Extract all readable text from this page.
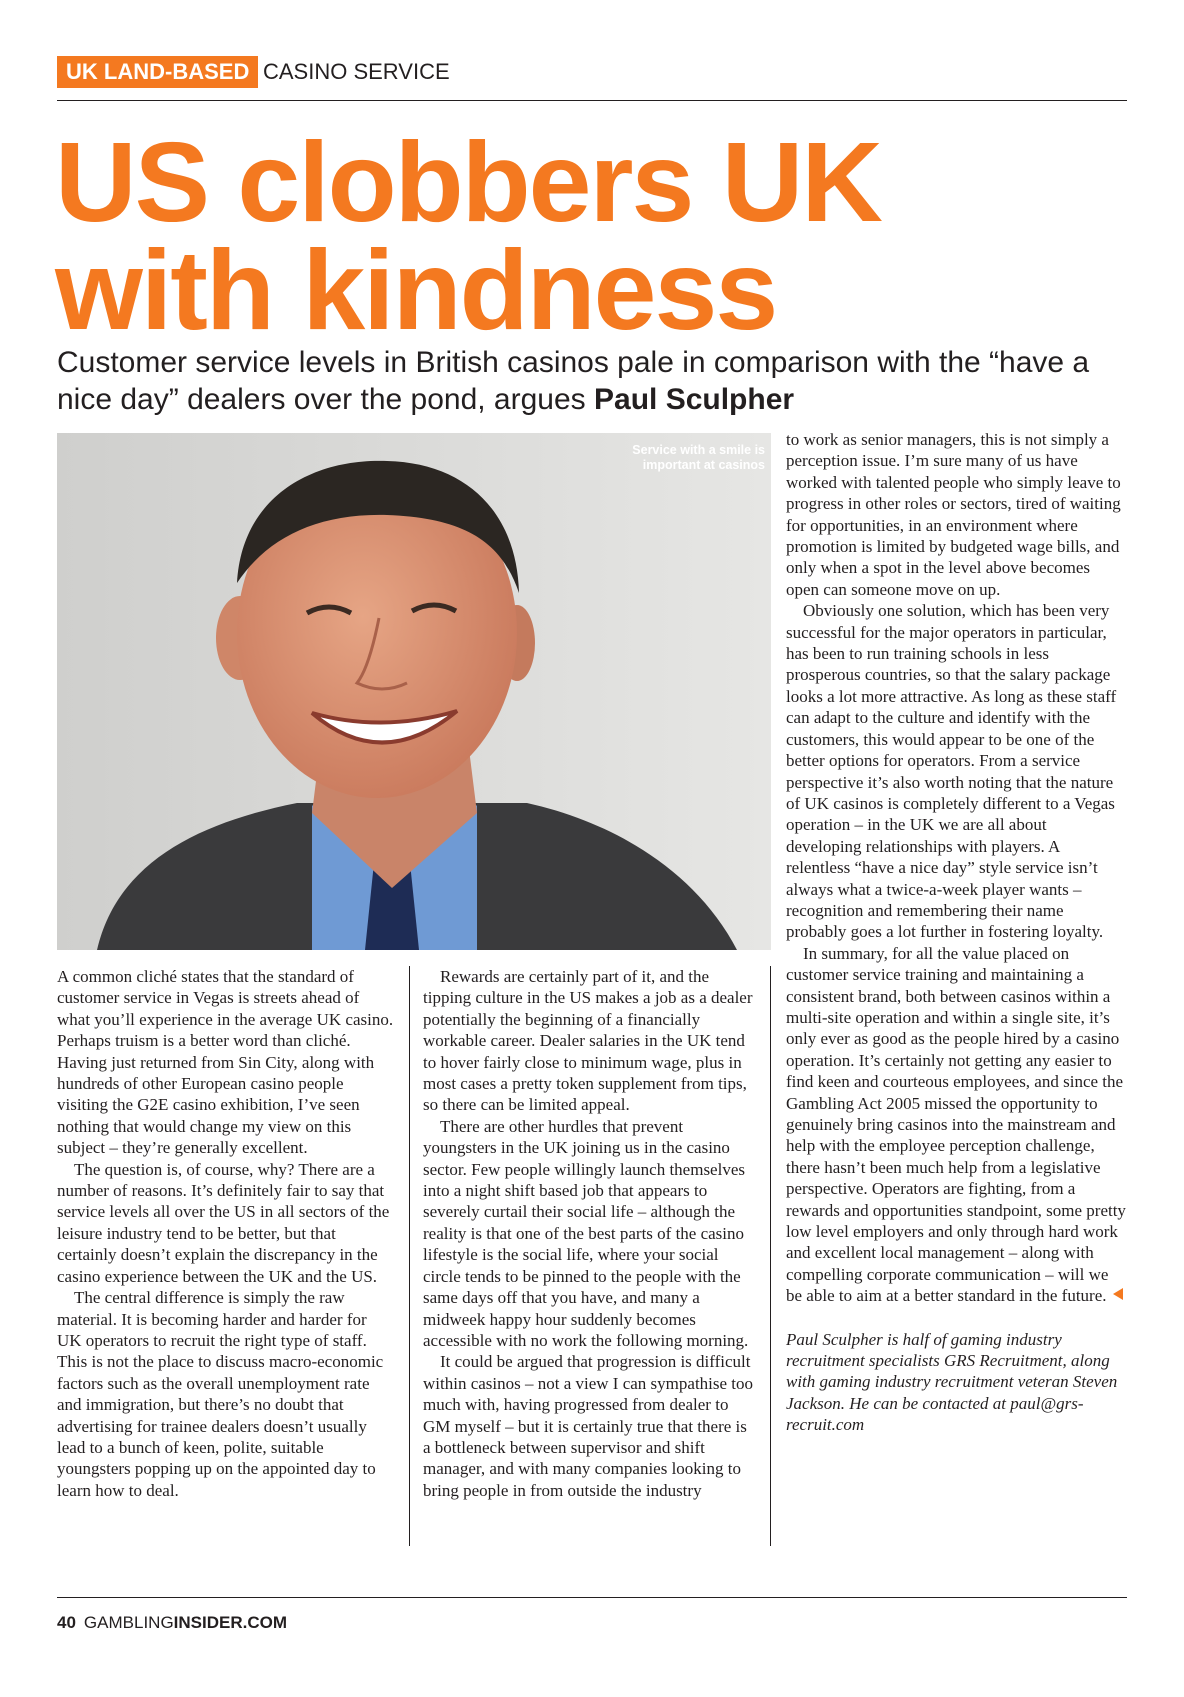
UK LAND-BASED CASINO SERVICE
US clobbers UK
with kindness

Customer service levels in British casinos pale in comparison with the “have a nice day” dealers over the pond, argues Paul Sculpher

Service with a smile is important at casinos

A common cliché states that the standard of customer service in Vegas is streets ahead of what you’ll experience in the average UK casino. Perhaps truism is a better word than cliché. Having just returned from Sin City, along with hundreds of other European casino people visiting the G2E casino exhibition, I’ve seen nothing that would change my view on this subject – they’re generally excellent.

The question is, of course, why? There are a number of reasons. It’s definitely fair to say that service levels all over the US in all sectors of the leisure industry tend to be better, but that certainly doesn’t explain the discrepancy in the casino experience between the UK and the US.

The central difference is simply the raw material. It is becoming harder and harder for UK operators to recruit the right type of staff. This is not the place to discuss macro-economic factors such as the overall unemployment rate and immigration, but there’s no doubt that advertising for trainee dealers doesn’t usually lead to a bunch of keen, polite, suitable youngsters popping up on the appointed day to learn how to deal.

Rewards are certainly part of it, and the tipping culture in the US makes a job as a dealer potentially the beginning of a financially workable career. Dealer salaries in the UK tend to hover fairly close to minimum wage, plus in most cases a pretty token supplement from tips, so there can be limited appeal.

There are other hurdles that prevent youngsters in the UK joining us in the casino sector. Few people willingly launch themselves into a night shift based job that appears to severely curtail their social life – although the reality is that one of the best parts of the casino lifestyle is the social life, where your social circle tends to be pinned to the people with the same days off that you have, and many a midweek happy hour suddenly becomes accessible with no work the following morning.

It could be argued that progression is difficult within casinos – not a view I can sympathise too much with, having progressed from dealer to GM myself – but it is certainly true that there is a bottleneck between supervisor and shift manager, and with many companies looking to bring people in from outside the industry

to work as senior managers, this is not simply a perception issue. I’m sure many of us have worked with talented people who simply leave to progress in other roles or sectors, tired of waiting for opportunities, in an environment where promotion is limited by budgeted wage bills, and only when a spot in the level above becomes open can someone move on up.

Obviously one solution, which has been very successful for the major operators in particular, has been to run training schools in less prosperous countries, so that the salary package looks a lot more attractive. As long as these staff can adapt to the culture and identify with the customers, this would appear to be one of the better options for operators. From a service perspective it’s also worth noting that the nature of UK casinos is completely different to a Vegas operation – in the UK we are all about developing relationships with players. A relentless “have a nice day” style service isn’t always what a twice-a-week player wants – recognition and remembering their name probably goes a lot further in fostering loyalty.

In summary, for all the value placed on customer service training and maintaining a consistent brand, both between casinos within a multi-site operation and within a single site, it’s only ever as good as the people hired by a casino operation. It’s certainly not getting any easier to find keen and courteous employees, and since the Gambling Act 2005 missed the opportunity to genuinely bring casinos into the mainstream and help with the employee perception challenge, there hasn’t been much help from a legislative perspective. Operators are fighting, from a rewards and opportunities standpoint, some pretty low level employers and only through hard work and excellent local management – along with compelling corporate communication – will we be able to aim at a better standard in the future.

Paul Sculpher is half of gaming industry recruitment specialists GRS Recruitment, along with gaming industry recruitment veteran Steven Jackson. He can be contacted at paul@grs-recruit.com

40 GAMBLINGINSIDER.COM
